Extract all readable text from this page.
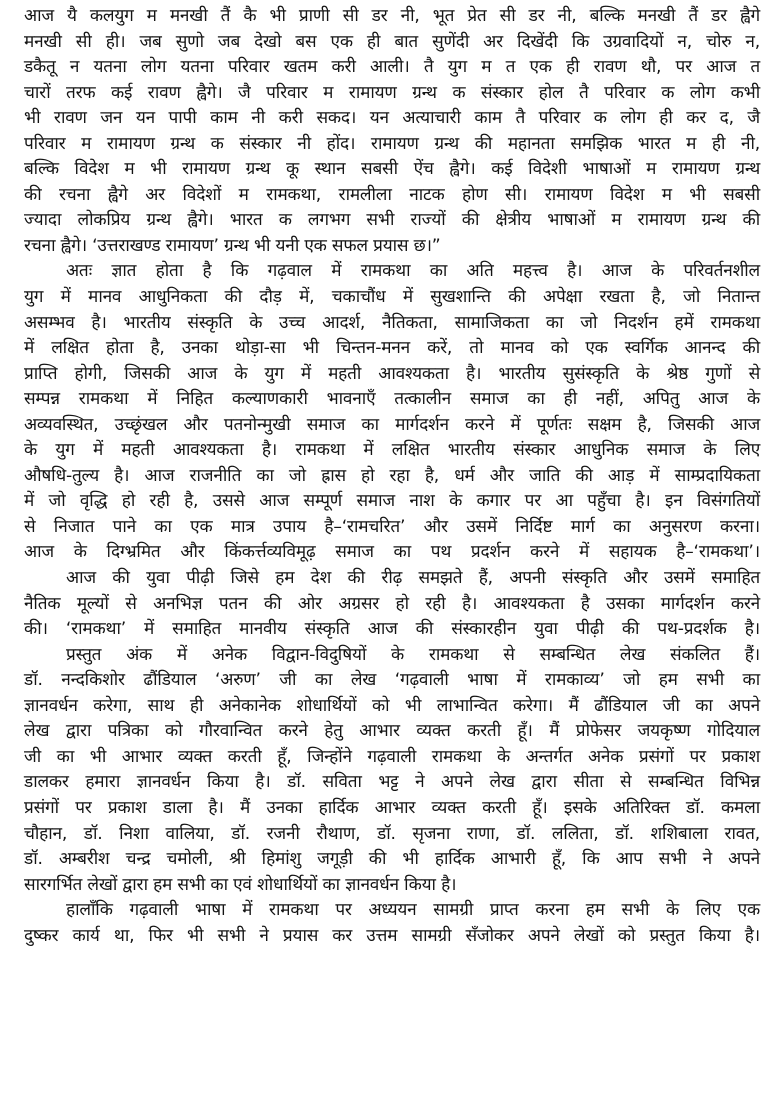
आज यै कलयुग म मनखी तैं कै भी प्राणी सी डर नी, भूत प्रेत सी डर नी, बल्कि मनखी तैं डर ह्वैगे
मनखी सी ही। जब सुणो जब देखो बस एक ही बात सुणेंदी अर दिखेंदी कि उग्रवादियों न, चोरु न,
डकैतू न यतना लोग यतना परिवार खतम करी आली। तै युग म त एक ही रावण थौ, पर आज त
चारों तरफ कई रावण ह्वैगे। जै परिवार म रामायण ग्रन्थ क संस्कार होल तै परिवार क लोग कभी
भी रावण जन यन पापी काम नी करी सकद। यन अत्याचारी काम तै परिवार क लोग ही कर द, जै
परिवार म रामायण ग्रन्थ क संस्कार नी होंद। रामायण ग्रन्थ की महानता समझिक भारत म ही नी,
बल्कि विदेश म भी रामायण ग्रन्थ कू स्थान सबसी ऐंच ह्वैगे। कई विदेशी भाषाओं म रामायण ग्रन्थ
की रचना ह्वैगे अर विदेशों म रामकथा, रामलीला नाटक होण सी। रामायण विदेश म भी सबसी
ज्यादा लोकप्रिय ग्रन्थ ह्वैगे। भारत क लगभग सभी राज्यों की क्षेत्रीय भाषाओं म रामायण ग्रन्थ की
रचना ह्वैगे। ‘उत्तराखण्ड रामायण’ ग्रन्थ भी यनी एक सफल प्रयास छ।”
अतः ज्ञात होता है कि गढ़वाल में रामकथा का अति महत्त्व है। आज के परिवर्तनशील
युग में मानव आधुनिकता की दौड़ में, चकाचौंध में सुखशान्ति की अपेक्षा रखता है, जो नितान्त
असम्भव है। भारतीय संस्कृति के उच्च आदर्श, नैतिकता, सामाजिकता का जो निदर्शन हमें रामकथा
में लक्षित होता है, उनका थोड़ा-सा भी चिन्तन-मनन करें, तो मानव को एक स्वर्गिक आनन्द की
प्राप्ति होगी, जिसकी आज के युग में महती आवश्यकता है। भारतीय सुसंस्कृति के श्रेष्ठ गुणों से
सम्पन्न रामकथा में निहित कल्याणकारी भावनाएँ तत्कालीन समाज का ही नहीं, अपितु आज के
अव्यवस्थित, उच्छृंखल और पतनोन्मुखी समाज का मार्गदर्शन करने में पूर्णतः सक्षम है, जिसकी आज
के युग में महती आवश्यकता है। रामकथा में लक्षित भारतीय संस्कार आधुनिक समाज के लिए
औषधि-तुल्य है। आज राजनीति का जो ह्रास हो रहा है, धर्म और जाति की आड़ में साम्प्रदायिकता
में जो वृद्धि हो रही है, उससे आज सम्पूर्ण समाज नाश के कगार पर आ पहुँचा है। इन विसंगतियों
से निजात पाने का एक मात्र उपाय है–‘रामचरित’ और उसमें निर्दिष्ट मार्ग का अनुसरण करना।
आज के दिग्भ्रमित और किंकर्त्तव्यविमूढ़ समाज का पथ प्रदर्शन करने में सहायक है–‘रामकथा’।
आज की युवा पीढ़ी जिसे हम देश की रीढ़ समझते हैं, अपनी संस्कृति और उसमें समाहित
नैतिक मूल्यों से अनभिज्ञ पतन की ओर अग्रसर हो रही है। आवश्यकता है उसका मार्गदर्शन करने
की। ‘रामकथा’ में समाहित मानवीय संस्कृति आज की संस्कारहीन युवा पीढ़ी की पथ-प्रदर्शक है।
प्रस्तुत अंक में अनेक विद्वान-विदुषियों के रामकथा से सम्बन्धित लेख संकलित हैं।
डॉ. नन्दकिशोर ढौंडियाल ‘अरुण’ जी का लेख ‘गढ़वाली भाषा में रामकाव्य’ जो हम सभी का
ज्ञानवर्धन करेगा, साथ ही अनेकानेक शोधार्थियों को भी लाभान्वित करेगा। मैं ढौंडियाल जी का अपने
लेख द्वारा पत्रिका को गौरवान्वित करने हेतु आभार व्यक्त करती हूँ। मैं प्रोफेसर जयकृष्ण गोदियाल
जी का भी आभार व्यक्त करती हूँ, जिन्होंने गढ़वाली रामकथा के अन्तर्गत अनेक प्रसंगों पर प्रकाश
डालकर हमारा ज्ञानवर्धन किया है। डॉ. सविता भट्ट ने अपने लेख द्वारा सीता से सम्बन्धित विभिन्न
प्रसंगों पर प्रकाश डाला है। मैं उनका हार्दिक आभार व्यक्त करती हूँ। इसके अतिरिक्त डॉ. कमला
चौहान, डॉ. निशा वालिया, डॉ. रजनी रौथाण, डॉ. सृजना राणा, डॉ. ललिता, डॉ. शशिबाला रावत,
डॉ. अम्बरीश चन्द्र चमोली, श्री हिमांशु जगूड़ी की भी हार्दिक आभारी हूँ, कि आप सभी ने अपने
सारगर्भित लेखों द्वारा हम सभी का एवं शोधार्थियों का ज्ञानवर्धन किया है।
हालाँकि गढ़वाली भाषा में रामकथा पर अध्ययन सामग्री प्राप्त करना हम सभी के लिए एक
दुष्कर कार्य था, फिर भी सभी ने प्रयास कर उत्तम सामग्री सँजोकर अपने लेखों को प्रस्तुत किया है।
